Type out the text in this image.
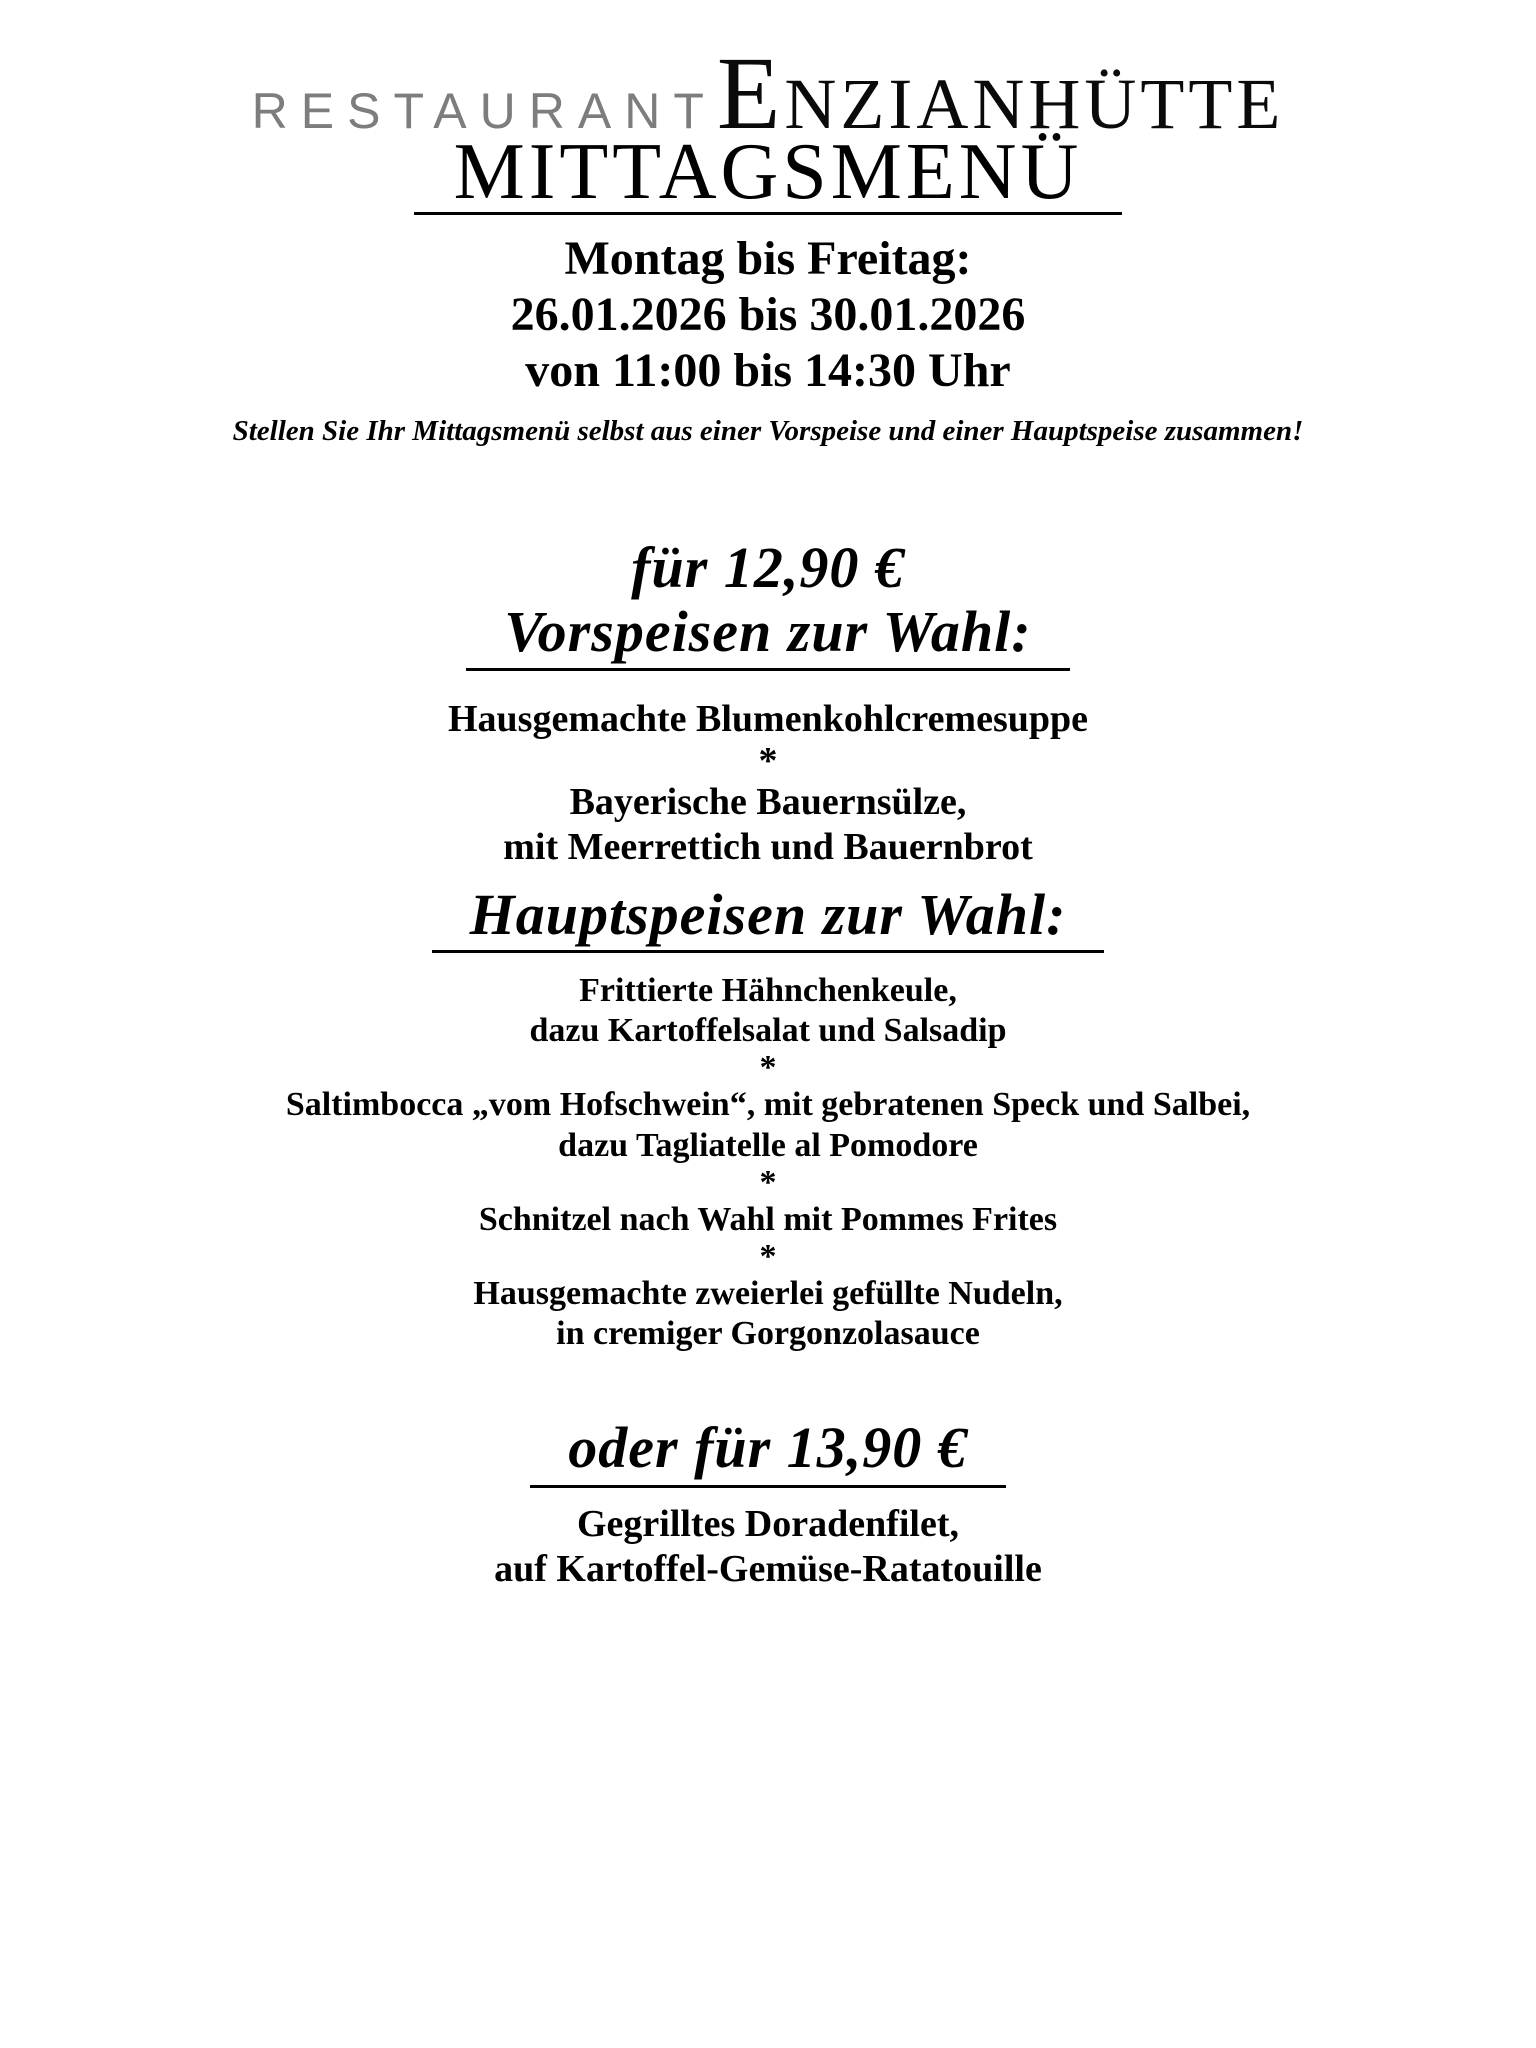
RESTAURANTENZIANHÜTTE
MITTAGSMENÜ
Montag bis Freitag:
26.01.2026 bis 30.01.2026
von 11:00 bis 14:30 Uhr
Stellen Sie Ihr Mittagsmenü selbst aus einer Vorspeise und einer Hauptspeise zusammen!
für 12,90 €
Vorspeisen zur Wahl:
Hausgemachte Blumenkohlcremesuppe
*
Bayerische Bauernsülze,
mit Meerrettich und Bauernbrot
Hauptspeisen zur Wahl:
Frittierte Hähnchenkeule,
dazu Kartoffelsalat und Salsadip
*
Saltimbocca „vom Hofschwein“, mit gebratenen Speck und Salbei,
dazu Tagliatelle al Pomodore
*
Schnitzel nach Wahl mit Pommes Frites
*
Hausgemachte zweierlei gefüllte Nudeln,
in cremiger Gorgonzolasauce
oder für 13,90 €
Gegrilltes Doradenfilet,
auf Kartoffel-Gemüse-Ratatouille
